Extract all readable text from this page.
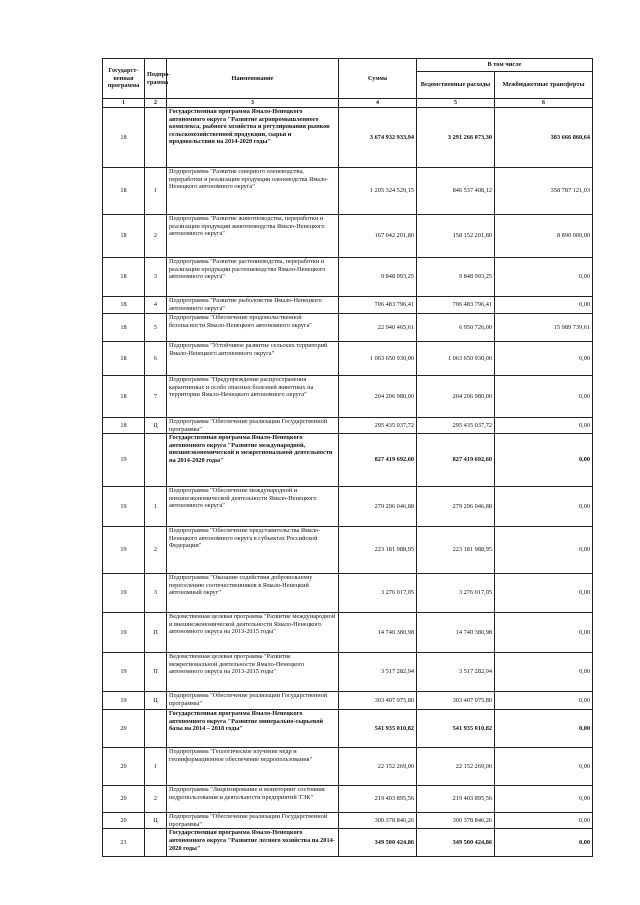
Государст-венная программа	Подпро-грамма	Наименование	Сумма	В том числе	
				Ведомственные расходы	Межбюджетные трансферты
1	2	3	4	5	6
18		Государственная программа Ямало-Ненецкого автономного округа "Развитие агропромышленного комплекса, рыбного хозяйства и регулирования рынков сельскохозяйственной продукции, сырья и продовольствия на 2014-2020 годы"	3 674 932 933,94	3 291 266 073,30	383 666 860,64
18	1	Подпрограмма "Развитие северного оленеводства, переработки и реализации продукции оленеводства Ямало-Ненецкого автономного округа"	1 205 324 529,15	846 537 408,12	358 787 121,03
18	2	Подпрограмма "Развитие животноводства, переработки и реализации продукции животноводства Ямало-Ненецкого автономного округа"	167 042 201,80	158 152 201,80	8 890 000,00
18	3	Подпрограмма "Развитие растениеводства, переработки и реализации продукции растениеводства Ямало-Ненецкого автономного округа"	9 848 993,25	9 848 993,25	0,00
18	4	Подпрограмма "Развитие рыболовства Ямало-Ненецкого автономного округа"	706 483 796,41	706 483 796,41	0,00
18	5	Подпрограмма "Обеспечение продовольственной безопасности Ямало-Ненецкого автономного округа"	22 940 465,61	6 950 726,00	15 989 739,61
18	6	Подпрограмма "Устойчивое развитие сельских территорий Ямало-Ненецкого автономного округа"	1 063 650 930,00	1 063 650 930,00	0,00
18	7	Подпрограмма "Предупреждение распространения карантинных и особо опасных болезней животных на территории Ямало-Ненецкого автономного округа"	204 206 980,00	204 206 980,00	0,00
18	Ц	Подпрограмма "Обеспечение реализации Государственной программы"	295 435 037,72	295 435 037,72	0,00
19		Государственная программа Ямало-Ненецкого автономного округа "Развитие международной, внешнеэкономической и межрегиональной деятельности на 2014-2020 годы"	827 419 692,60	827 419 692,60	0,00
19	1	Подпрограмма "Обеспечение международной и внешнеэкономической деятельности Ямало-Ненецкого автономного округа"	279 296 046,88	279 296 046,88	0,00
19	2	Подпрограмма "Обеспечение представительства Ямало-Ненецкого автономного округа в субъектах Российской Федерации"	223 181 988,95	223 181 988,95	0,00
19	3	Подпрограмма "Оказание содействия добровольному переселению соотечественников в Ямало-Ненецкий автономный округ"	3 276 017,05	3 276 017,05	0,00
19	П	Ведомственная целевая программа "Развитие международной и внешнеэкономической деятельности Ямало-Ненецкого автономного округа на 2013-2015 годы"	14 740 380,98	14 740 380,98	0,00
19	П	Ведомственная целевая программа "Развитие межрегиональной деятельности Ямало-Ненецкого автономного округа на 2013-2015 годы"	3 517 282,94	3 517 282,94	0,00
19	Ц	Подпрограмма "Обеспечение реализации Государственной программы"	303 407 975,80	303 407 975,80	0,00
20		Государственная программа Ямало-Ненецкого автономного округа "Развитие минерально-сырьевой базы на 2014 – 2018 годы"	541 935 010,82	541 935 010,82	0,00
20	1	Подпрограмма "Геологическое изучение недр и геоинформационное обеспечение недропользования"	22 152 269,00	22 152 269,00	0,00
20	2	Подпрограмма "Лицензирование и мониторинг состояния недропользования и деятельности предприятий ТЭК"	219 403 895,56	219 403 895,56	0,00
20	Ц	Подпрограмма "Обеспечение реализации Государственной программы"	300 378 846,26	300 378 846,26	0,00
21		Государственная программа Ямало-Ненецкого автономного округа "Развитие лесного хозяйства на 2014-2020 годы"	349 500 424,86	349 500 424,86	0,00
